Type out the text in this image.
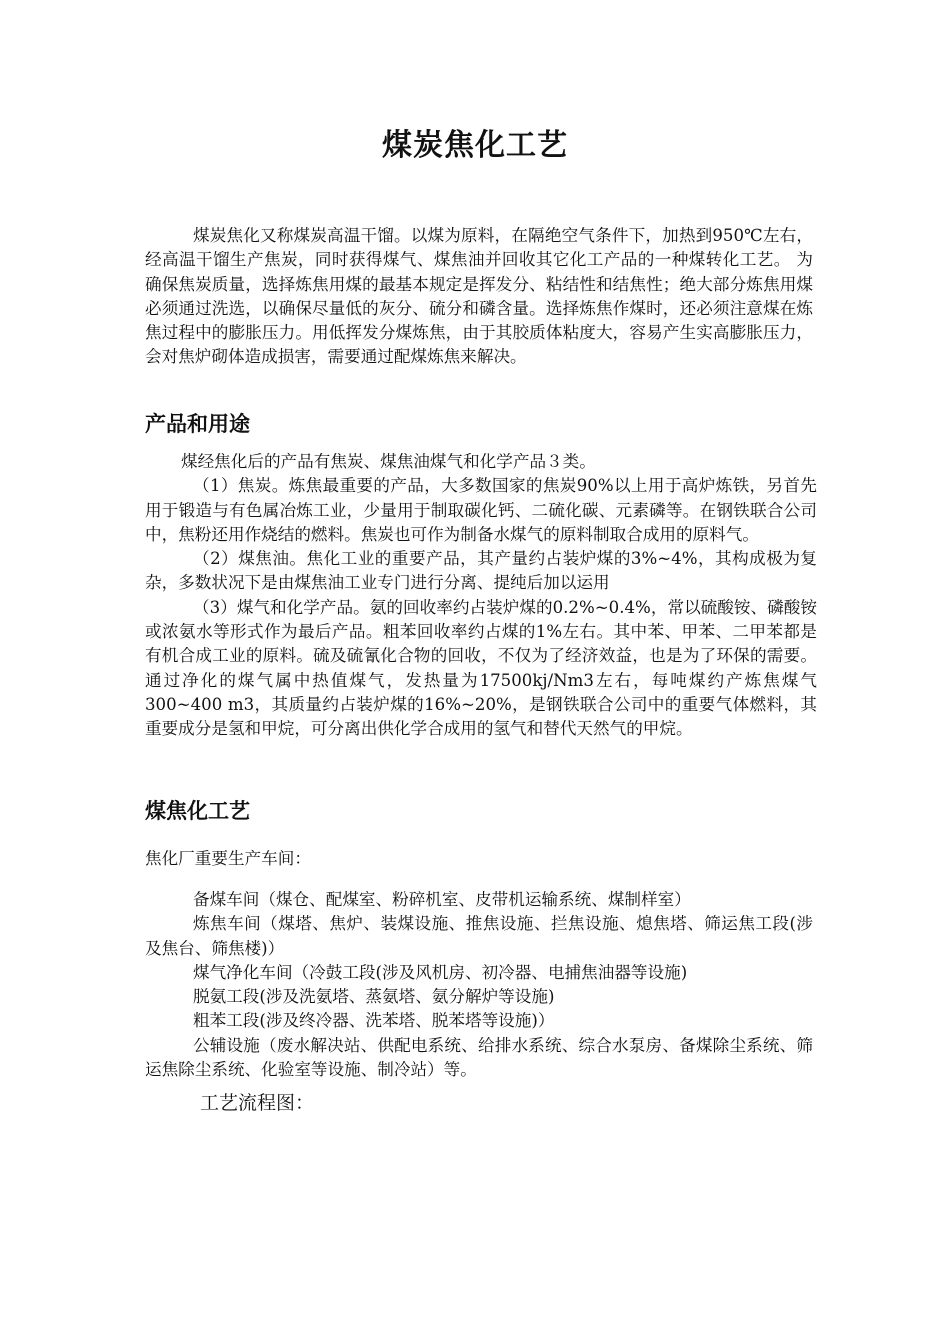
煤炭焦化工艺

煤炭焦化又称煤炭高温干馏。以煤为原料，在隔绝空气条件下，加热到950℃左右，经高温干馏生产焦炭，同时获得煤气、煤焦油并回收其它化工产品的一种煤转化工艺。 为确保焦炭质量，选择炼焦用煤的最基本规定是挥发分、粘结性和结焦性；绝大部分炼焦用煤必须通过洗选，以确保尽量低的灰分、硫分和磷含量。选择炼焦作煤时，还必须注意煤在炼焦过程中的膨胀压力。用低挥发分煤炼焦，由于其胶质体粘度大，容易产生实高膨胀压力，会对焦炉砌体造成损害，需要通过配煤炼焦来解决。

产品和用途

煤经焦化后的产品有焦炭、煤焦油煤气和化学产品３类。

（1）焦炭。炼焦最重要的产品，大多数国家的焦炭90%以上用于高炉炼铁，另首先用于锻造与有色属冶炼工业，少量用于制取碳化钙、二硫化碳、元素磷等。在钢铁联合公司中，焦粉还用作烧结的燃料。焦炭也可作为制备水煤气的原料制取合成用的原料气。

（2）煤焦油。焦化工业的重要产品，其产量约占装炉煤的3%~4%，其构成极为复杂，多数状况下是由煤焦油工业专门进行分离、提纯后加以运用

（3）煤气和化学产品。氨的回收率约占装炉煤的0.2%~0.4%，常以硫酸铵、磷酸铵或浓氨水等形式作为最后产品。粗苯回收率约占煤的1%左右。其中苯、甲苯、二甲苯都是有机合成工业的原料。硫及硫氰化合物的回收，不仅为了经济效益，也是为了环保的需要。通过净化的煤气属中热值煤气，发热量为17500kj/Nm3左右，每吨煤约产炼焦煤气300~400 m3，其质量约占装炉煤的16%~20%，是钢铁联合公司中的重要气体燃料，其重要成分是氢和甲烷，可分离出供化学合成用的氢气和替代天然气的甲烷。

煤焦化工艺

焦化厂重要生产车间：

备煤车间（煤仓、配煤室、粉碎机室、皮带机运输系统、煤制样室）

炼焦车间（煤塔、焦炉、装煤设施、推焦设施、拦焦设施、熄焦塔、筛运焦工段(涉及焦台、筛焦楼)）

煤气净化车间（冷鼓工段(涉及风机房、初冷器、电捕焦油器等设施)

脱氨工段(涉及洗氨塔、蒸氨塔、氨分解炉等设施)

粗苯工段(涉及终冷器、洗苯塔、脱苯塔等设施)）

公辅设施（废水解决站、供配电系统、给排水系统、综合水泵房、备煤除尘系统、筛运焦除尘系统、化验室等设施、制冷站）等。

工艺流程图：
